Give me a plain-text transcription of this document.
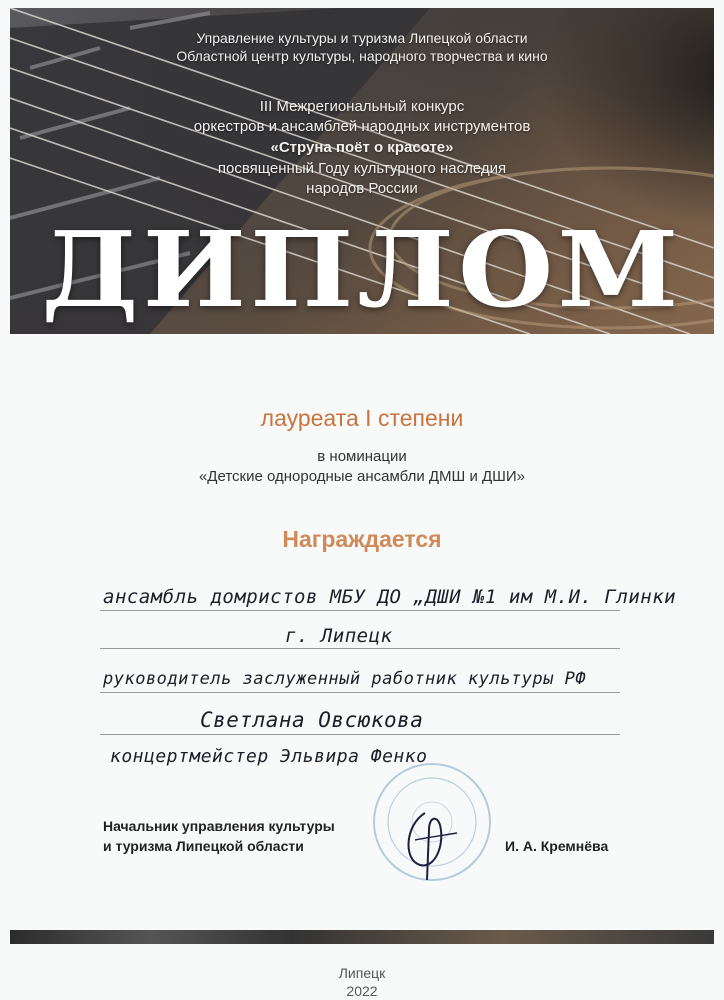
Управление культуры и туризма Липецкой области
Областной центр культуры, народного творчества и кино
III Межрегиональный конкурс
оркестров и ансамблей народных инструментов
«Струна поёт о красоте»
посвященный Году культурного наследия
народов России
ДИПЛОМ
лауреата I степени
в номинации
«Детские однородные ансамбли ДМШ и ДШИ»
Награждается
ансамбль домристов МБУ ДО „ДШИ №1 им М.И. Глинки
г. Липецк
руководитель заслуженный работник культуры РФ
Светлана Овсюкова
концертмейстер Эльвира Фенко
Начальник управления культуры
и туризма Липецкой области	И. А. Кремнёва
Липецк
2022
